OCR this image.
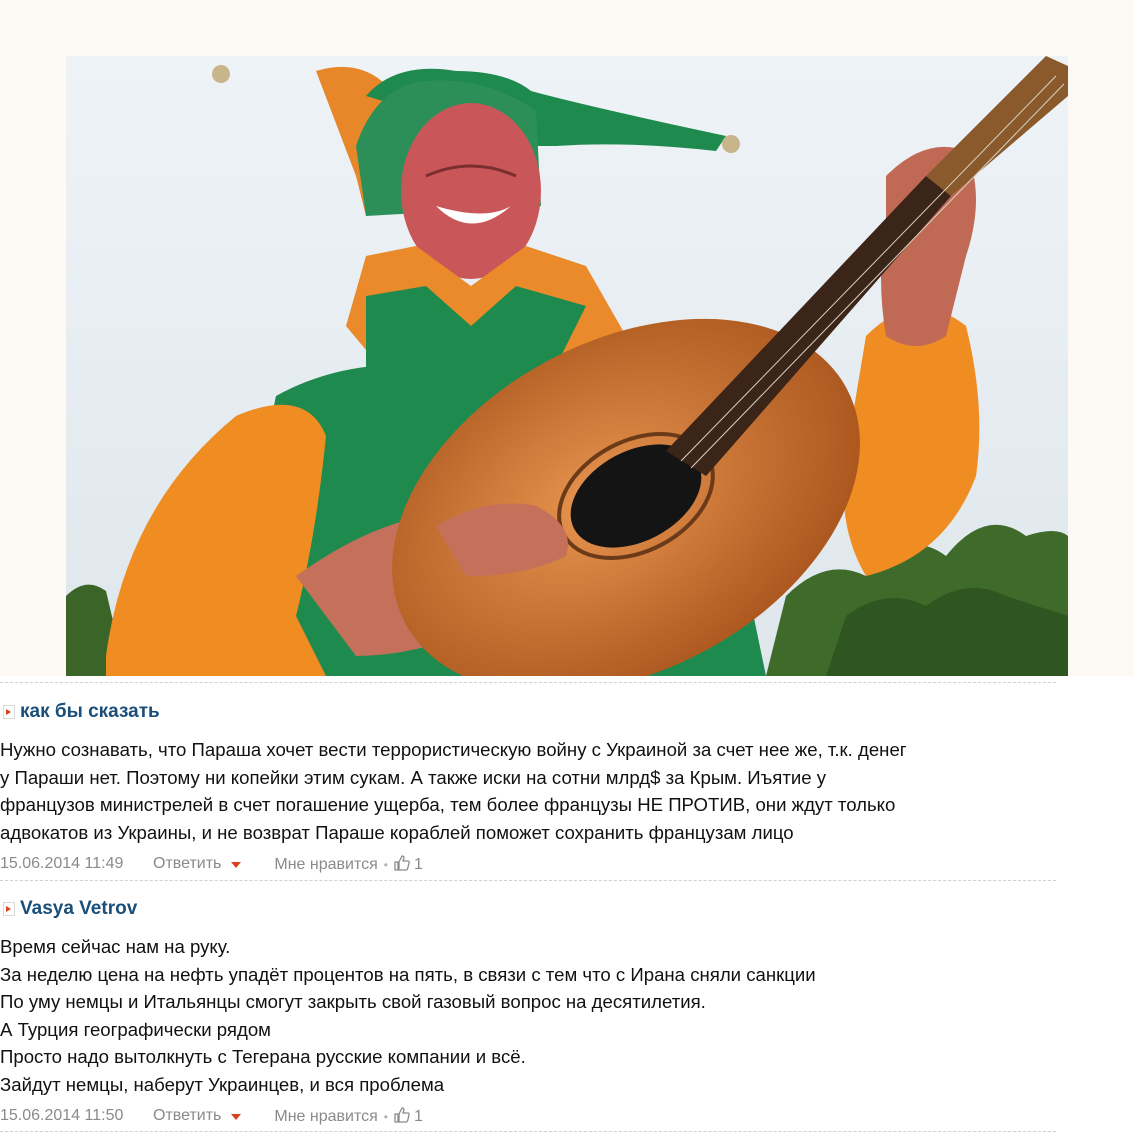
как бы сказать
Нужно сознавать, что Параша хочет вести террористическую войну с Украиной за счет нее же, т.к. денег
у Параши нет. Поэтому ни копейки этим сукам. А также иски на сотни млрд$ за Крым. Иъятие у
французов министрелей в счет погашение ущерба, тем более французы НЕ ПРОТИВ, они ждут только
адвокатов из Украины, и не возврат Параше кораблей поможет сохранить французам лицо
15.06.2014 11:49	Ответить	Мне нравится • 1
Vasya Vetrov
Время сейчас нам на руку.
За неделю цена на нефть упадёт процентов на пять, в связи с тем что с Ирана сняли санкции
По уму немцы и Итальянцы смогут закрыть свой газовый вопрос на десятилетия.
А Турция географически рядом
Просто надо вытолкнуть с Тегерана русские компании и всё.
Зайдут немцы, наберут Украинцев, и вся проблема
15.06.2014 11:50	Ответить	Мне нравится • 1
